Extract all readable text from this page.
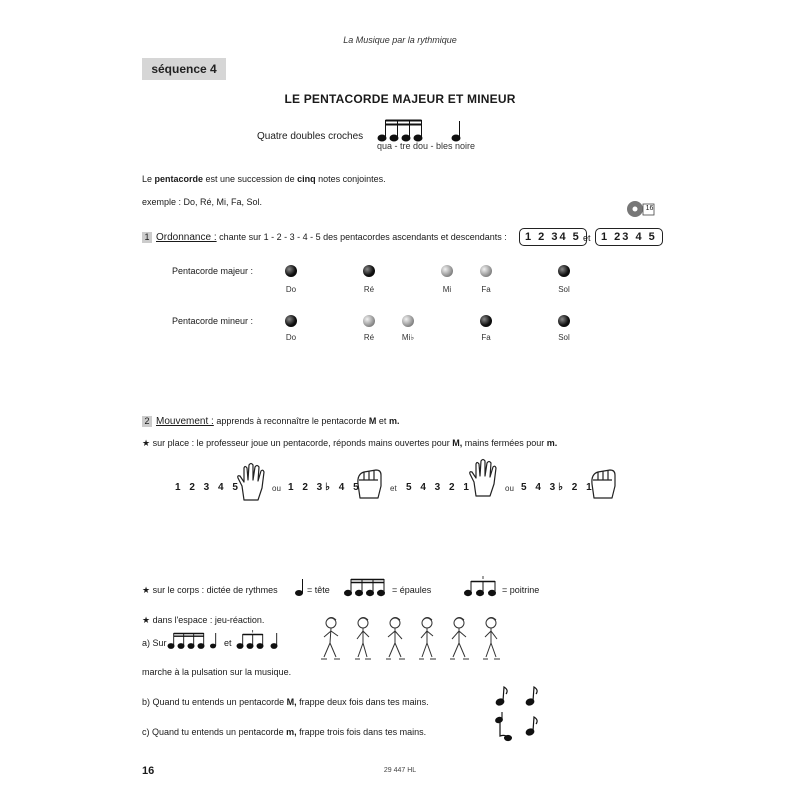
La Musique par la rythmique
séquence 4
LE PENTACORDE MAJEUR ET MINEUR
Quatre doubles croches
qua - tre dou - bles noire
Le pentacorde est une succession de cinq notes conjointes.
exemple : Do, Ré, Mi, Fa, Sol.
16
1 Ordonnance : chante sur 1 - 2 - 3 - 4 - 5 des pentacordes ascendants et descendants :	1 2 34 5 et 1 23 4 5
Pentacorde majeur :
Do	Ré	Mi	Fa	Sol
Pentacorde mineur :
Do	Ré	Mi♭	Fa	Sol
2 Mouvement : apprends à reconnaître le pentacorde M et m.
★ sur place : le professeur joue un pentacorde, réponds mains ouvertes pour M, mains fermées pour m.
1 2 3 4 5	ou 1 2 3♭ 4 5	et 5 4 3 2 1	ou 5 4 3♭ 2 1
★ sur le corps : dictée de rythmes	= tête	= épaules	= poitrine
★ dans l'espace : jeu-réaction.
a) Sur	et
marche à la pulsation sur la musique.
b) Quand tu entends un pentacorde M, frappe deux fois dans tes mains.
c) Quand tu entends un pentacorde m, frappe trois fois dans tes mains.
16	29 447 HL
